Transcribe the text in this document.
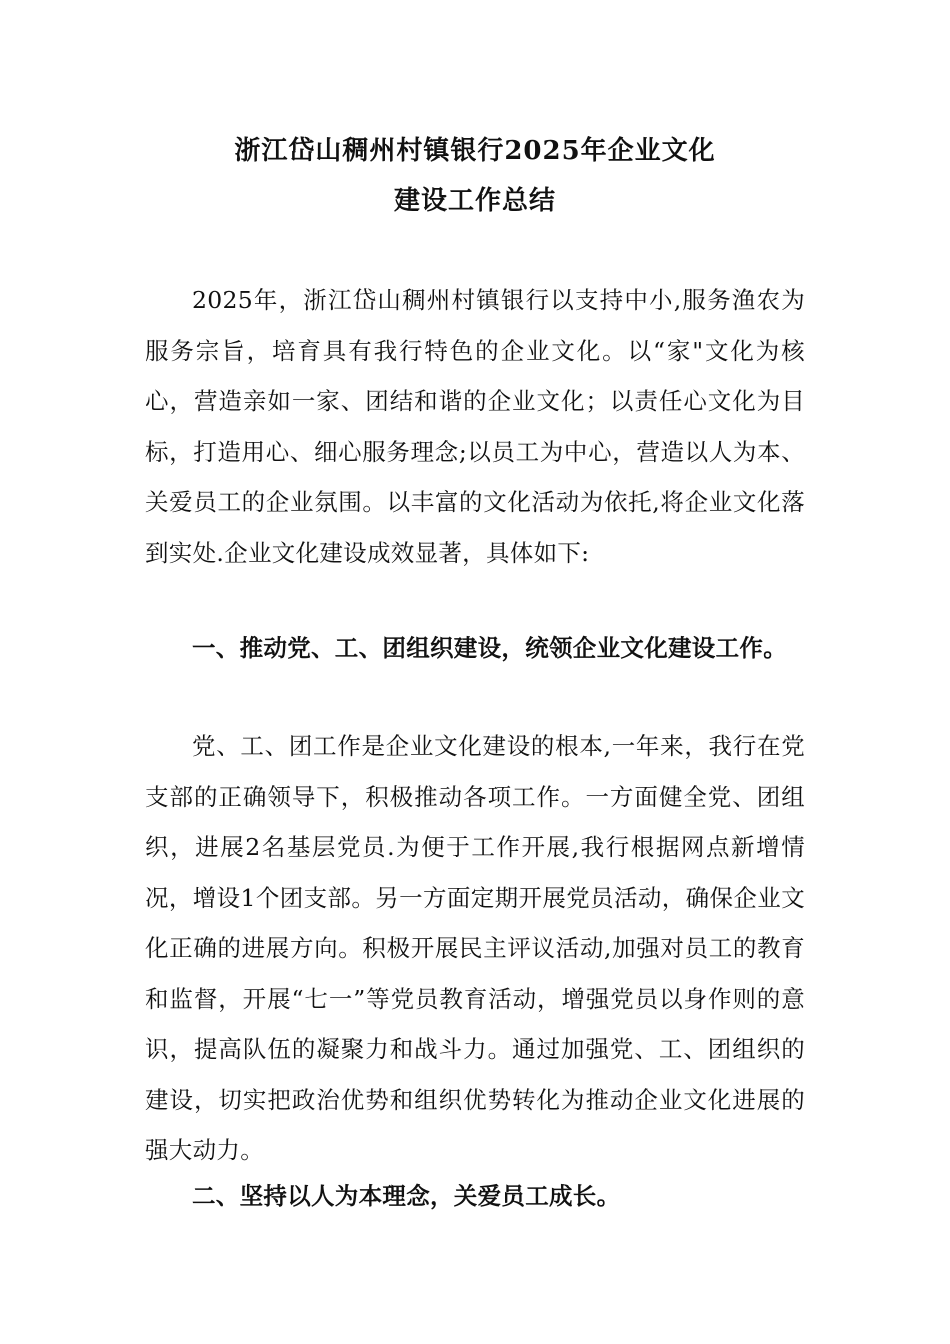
浙江岱山稠州村镇银行2025年企业文化
建设工作总结
2025年，浙江岱山稠州村镇银行以支持中小,服务渔农为服务宗旨，培育具有我行特色的企业文化。以“家"文化为核心，营造亲如一家、团结和谐的企业文化；以责任心文化为目标，打造用心、细心服务理念;以员工为中心，营造以人为本、关爱员工的企业氛围。以丰富的文化活动为依托,将企业文化落到实处.企业文化建设成效显著，具体如下:
一、推动党、工、团组织建设，统领企业文化建设工作。
党、工、团工作是企业文化建设的根本,一年来，我行在党支部的正确领导下，积极推动各项工作。一方面健全党、团组织，进展2名基层党员.为便于工作开展,我行根据网点新增情况，增设1个团支部。另一方面定期开展党员活动，确保企业文化正确的进展方向。积极开展民主评议活动,加强对员工的教育和监督，开展“七一”等党员教育活动，增强党员以身作则的意识，提高队伍的凝聚力和战斗力。通过加强党、工、团组织的建设，切实把政治优势和组织优势转化为推动企业文化进展的强大动力。
二、坚持以人为本理念，关爱员工成长。
